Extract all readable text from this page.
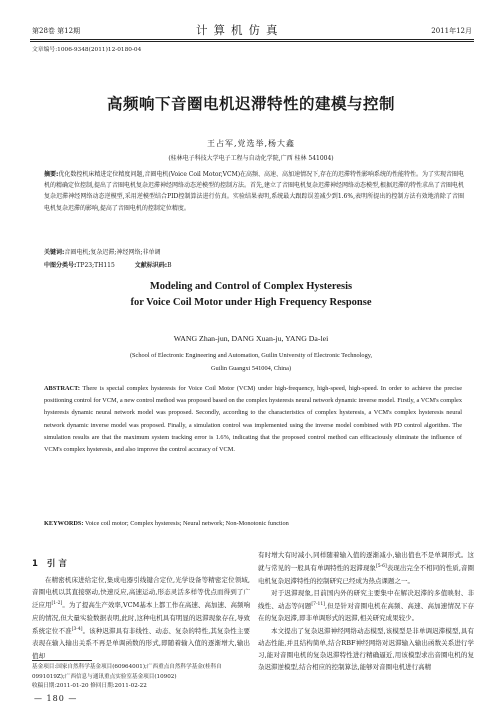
第28卷 第12期	计算机仿真	2011年12月
文章编号:1006-9348(2011)12-0180-04
高频响下音圈电机迟滞特性的建模与控制
王占军,党选举,杨大鑫
(桂林电子科技大学电子工程与自动化学院,广西 桂林 541004)
摘要:优化数控机床精进定位精度问题,音圈电机(Voice Coil Motor,VCM)在高频、高速、高加速情况下,存在的迟滞特性影响系统的性能特性。为了实现音圈电机的精确定位控制,提出了音圈电机复杂迟滞神经网络动态逆模型的控制方法。首先,建立了音圈电机复杂迟滞神经网络动态模型,根据迟滞的特性求出了音圈电机复杂迟滞神经网络动态逆模型,采用逆模型结合PID控制算法进行仿真。实验结果表明,系统最大跟踪误差减少到1.6%,表明所提出的控制方法有效地消除了音圈电机复杂迟滞的影响,提高了音圈电机的控制定位精度。
关键词:音圈电机;复杂迟滞;神经网络;非单调
中图分类号:TP23;TH115	文献标识码:B
Modeling and Control of Complex Hysteresis
for Voice Coil Motor under High Frequency Response
WANG Zhan-jun, DANG Xuan-ju, YANG Da-lei
(School of Electronic Engineering and Automation, Guilin University of Electronic Technology,
Guilin Guangxi 541004, China)
ABSTRACT: There is special complex hysteresis for Voice Coil Motor (VCM) under high-frequency, high-speed, high-speed. In order to achieve the precise positioning control for VCM, a new control method was proposed based on the complex hysteresis neural network dynamic inverse model. Firstly, a VCM's complex hysteresis dynamic neural network model was proposed. Secondly, according to the characteristics of complex hysteresis, a VCM's complex hysteresis neural network dynamic inverse model was proposed. Finally, a simulation control was implemented using the inverse model combined with PD control algorithm. The simulation results are that the maximum system tracking error is 1.6%, indicating that the proposed control method can efficaciously eliminate the influence of VCM's complex hysteresis, and also improve the control accuracy of VCM.
KEYWORDS: Voice coil motor; Complex hysteresis; Neural network; Non-Monotonic function
1 引言

在精密机床进给定位,集成电器引线键合定位,光学设备等精密定位领域,音圈电机以其直接驱动,快速反应,高速运动,形态灵活多样等优点而得到了广泛应用[1-2]。为了提高生产效率,VCM基本上都工作在高速、高加速、高频响应的情况,但大量实验数据表明,此时,这种电机具有明显的迟滞现象存在,导致系统定位不准[3-4]。该种迟滞具有非线性、动态、复杂的特性,其复杂性主要表现在输入输出关系不再是单调函数的形式,即随着输入值的逐渐增大,输出值却

有时增大有时减小,同样随着输入值的逐渐减小,输出值也不是单调形式。这就与常见的一般具有单调特性的迟滞现象[5-6]表现出完全不相同的性质,音圈电机复杂迟滞特性的控制研究已经成为热点课题之一。

对于迟滞现象,目前国内外的研究主要集中在解决迟滞的多值映射、非线性、动态等问题[7-11],但是针对音圈电机在高频、高速、高加速情况下存在的复杂迟滞,即非单调形式的迟滞,相关研究成果较少。

本文提出了复杂迟滞神经网络动态模型,该模型是非单调迟滞模型,具有动态性能,并且结构简单,结合RBF神经网络对迟滞输入输出函数关系进行学习,能对音圈电机的复杂迟滞特性进行精确逼近,用该模型求出音圈电机的复杂迟滞逆模型,结合相应的控制算法,能够对音圈电机进行高精

基金项目:国家自然科学基金项目(60964001);广西重点自然科学基金(桂科自0991019Z);广西信息与通讯重点实验室基金项目(10902)
收稿日期:2011-01-20 修回日期:2011-02-22
— 180 —
